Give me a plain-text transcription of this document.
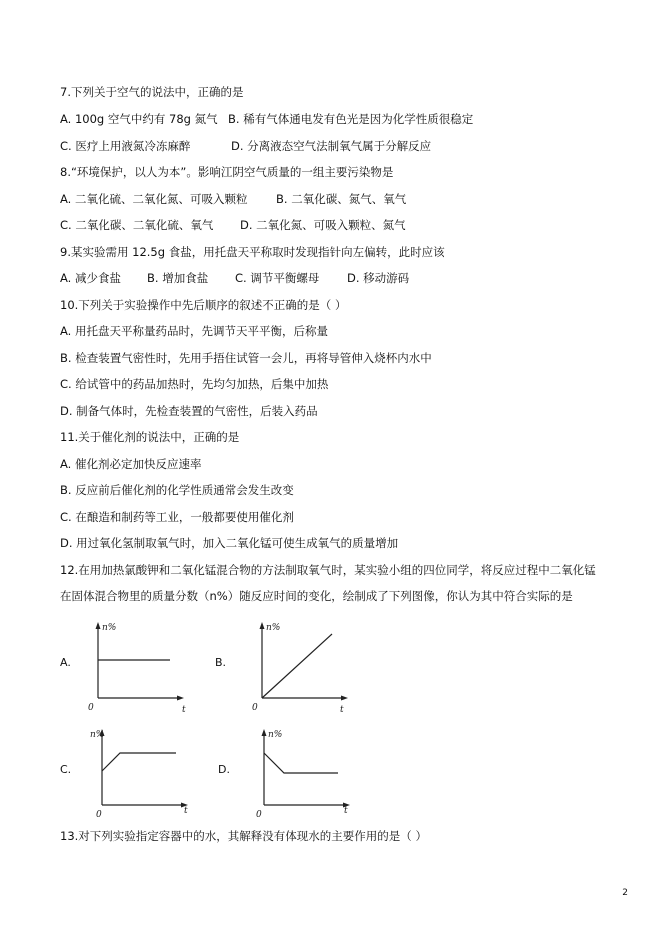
7.下列关于空气的说法中，正确的是
A. 100g 空气中约有 78g 氮气 B. 稀有气体通电发有色光是因为化学性质很稳定
C. 医疗上用液氮冷冻麻醉	D. 分离液态空气法制氧气属于分解反应
8.“环境保护，以人为本”。影响江阴空气质量的一组主要污染物是
A. 二氧化硫、二氧化氮、可吸入颗粒 B. 二氧化碳、氮气、氧气
C. 二氧化碳、二氧化硫、氧气 D. 二氧化氮、可吸入颗粒、氮气
9.某实验需用 12.5g 食盐，用托盘天平称取时发现指针向左偏转，此时应该
A. 减少食盐 B. 增加食盐 C. 调节平衡螺母 D. 移动游码
10.下列关于实验操作中先后顺序的叙述不正确的是（ ）
A. 用托盘天平称量药品时，先调节天平平衡，后称量
B. 检查装置气密性时，先用手捂住试管一会儿，再将导管伸入烧杯内水中
C. 给试管中的药品加热时，先均匀加热，后集中加热
D. 制备气体时，先检查装置的气密性，后装入药品
11.关于催化剂的说法中，正确的是
A. 催化剂必定加快反应速率
B. 反应前后催化剂的化学性质通常会发生改变
C. 在酿造和制药等工业，一般都要使用催化剂
D. 用过氧化氢制取氧气时，加入二氧化锰可使生成氧气的质量增加
12.在用加热氯酸钾和二氧化锰混合物的方法制取氧气时，某实验小组的四位同学，将反应过程中二氧化锰
在固体混合物里的质量分数（n%）随反应时间的变化，绘制成了下列图像，你认为其中符合实际的是
A.
n%
t
0
B.
n%
t
0
C.
n%
t
0
D.
n%
t
0
13.对下列实验指定容器中的水，其解释没有体现水的主要作用的是（ ）
2
